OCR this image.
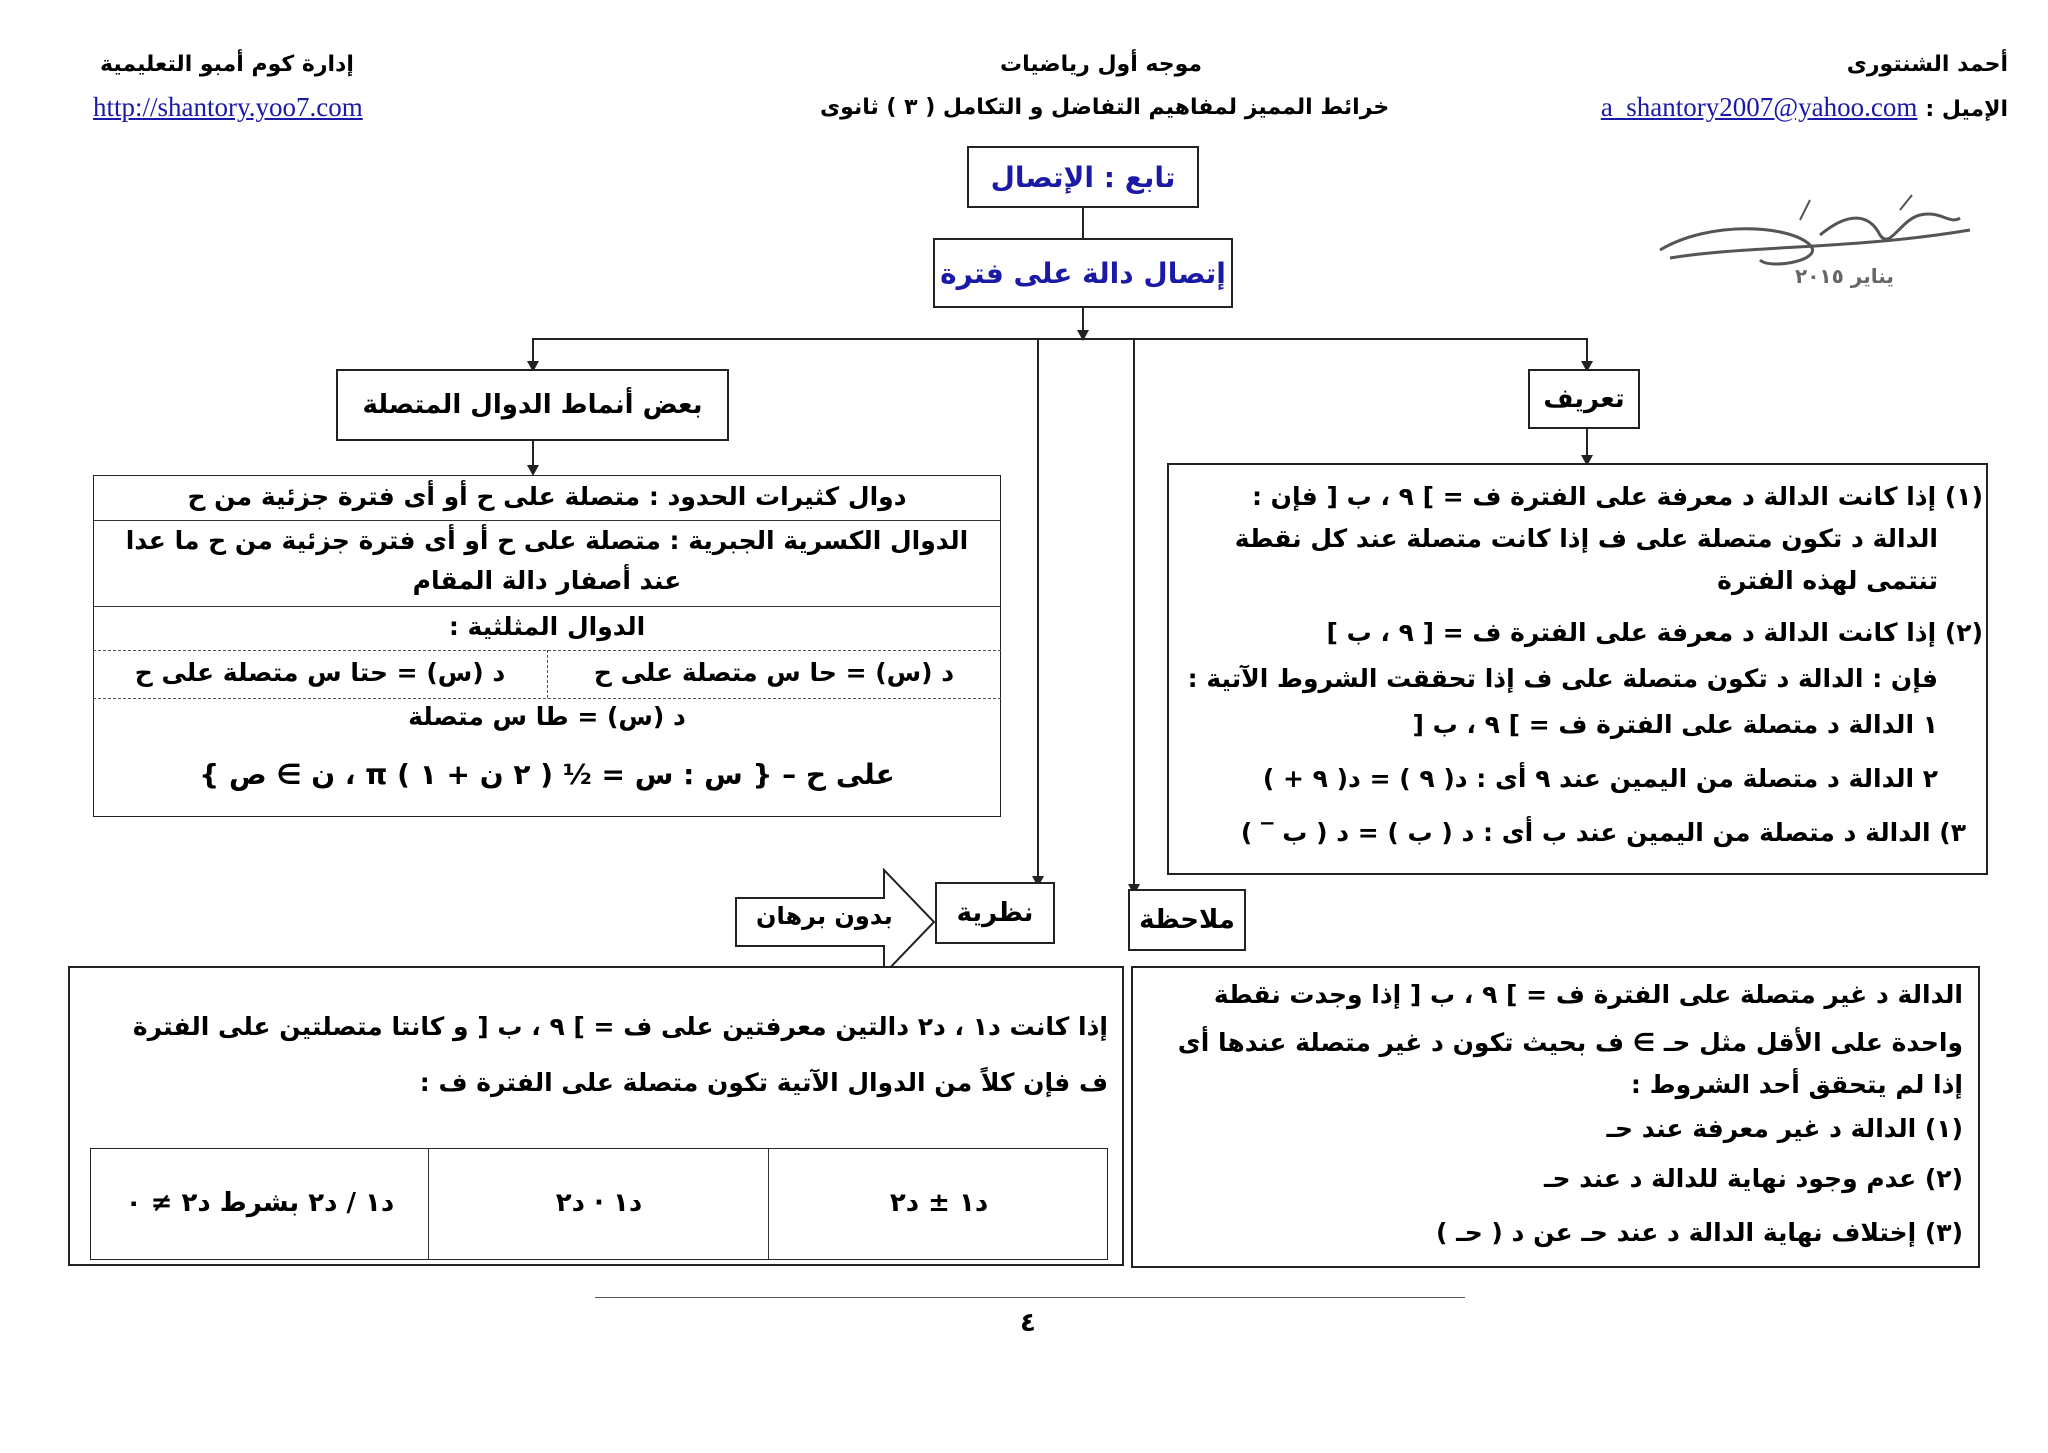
أحمد الشنتورى
الإميل :
a_shantory2007@yahoo.com
موجه أول رياضيات
خرائط المميز لمفاهيم التفاضل و التكامل ( ٣ ) ثانوى
إدارة كوم أمبو التعليمية
http://shantory.yoo7.com
يناير ٢٠١٥
تابع : الإتصال
إتصال دالة على فترة
تعريف
(١) إذا كانت الدالة د معرفة على الفترة ف = ] ٩ ، ب [ فإن :
الدالة د تكون متصلة على ف إذا كانت متصلة عند كل نقطة
تنتمى لهذه الفترة
(٢) إذا كانت الدالة د معرفة على الفترة ف = [ ٩ ، ب ]
فإن : الدالة د تكون متصلة على ف إذا تحققت الشروط الآتية :
١ الدالة د متصلة على الفترة ف = ] ٩ ، ب [
٢ الدالة د متصلة من اليمين عند ٩ أى : د( ٩ ) = د( ٩ + )
٣) الدالة د متصلة من اليمين عند ب أى : د ( ب ) = د ( ب ‾ )
بعض أنماط الدوال المتصلة
دوال كثيرات الحدود : متصلة على ح أو أى فترة جزئية من ح
الدوال الكسرية الجبرية : متصلة على ح أو أى فترة جزئية من ح ما عدا
عند أصفار دالة المقام
الدوال المثلثية :
د (س) = حا س متصلة على ح
د (س) = حتا س متصلة على ح
د (س) = طا س متصلة
على ح – { س : س = ½ ( ٢ ن + ١ ) π ، ن ∋ ص }
بدون برهان نظرية
إذا كانت د١ ، د٢ دالتين معرفتين على ف = ] ٩ ، ب [ و كانتا متصلتين على الفترة
ف فإن كلاً من الدوال الآتية تكون متصلة على الفترة ف :
د١ ± د٢
د١ · د٢
د١ / د٢ بشرط د٢ ≠ ٠
ملاحظة
الدالة د غير متصلة على الفترة ف = ] ٩ ، ب [ إذا وجدت نقطة
واحدة على الأقل مثل حـ ∋ ف بحيث تكون د غير متصلة عندها أى
إذا لم يتحقق أحد الشروط :
(١) الدالة د غير معرفة عند حـ
(٢) عدم وجود نهاية للدالة د عند حـ
(٣) إختلاف نهاية الدالة د عند حـ عن د ( حـ )
٤
